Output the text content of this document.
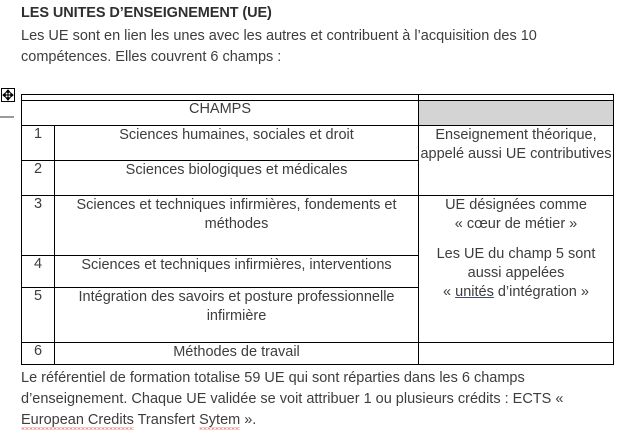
LES UNITES D’ENSEIGNEMENT (UE)
Les UE sont en lien les unes avec les autres et contribuent à l’acquisition des 10 compétences. Elles couvrent 6 champs :

CHAMPS		
1	Sciences humaines, sociales et droit	Enseignement théorique, appelé aussi UE contributives
2	Sciences biologiques et médicales	
3	Sciences et techniques infirmières, fondements et méthodes	UE désignées comme
« cœur de métier »
Les UE du champ 5 sont
aussi appelées
« unités d’intégration »
4	Sciences et techniques infirmières, interventions	
5	Intégration des savoirs et posture professionnelle infirmière	
6	Méthodes de travail	
Le référentiel de formation totalise 59 UE qui sont réparties dans les 6 champs d’enseignement. Chaque UE validée se voit attribuer 1 ou plusieurs crédits : ECTS « European Credits Transfert Sytem ».
